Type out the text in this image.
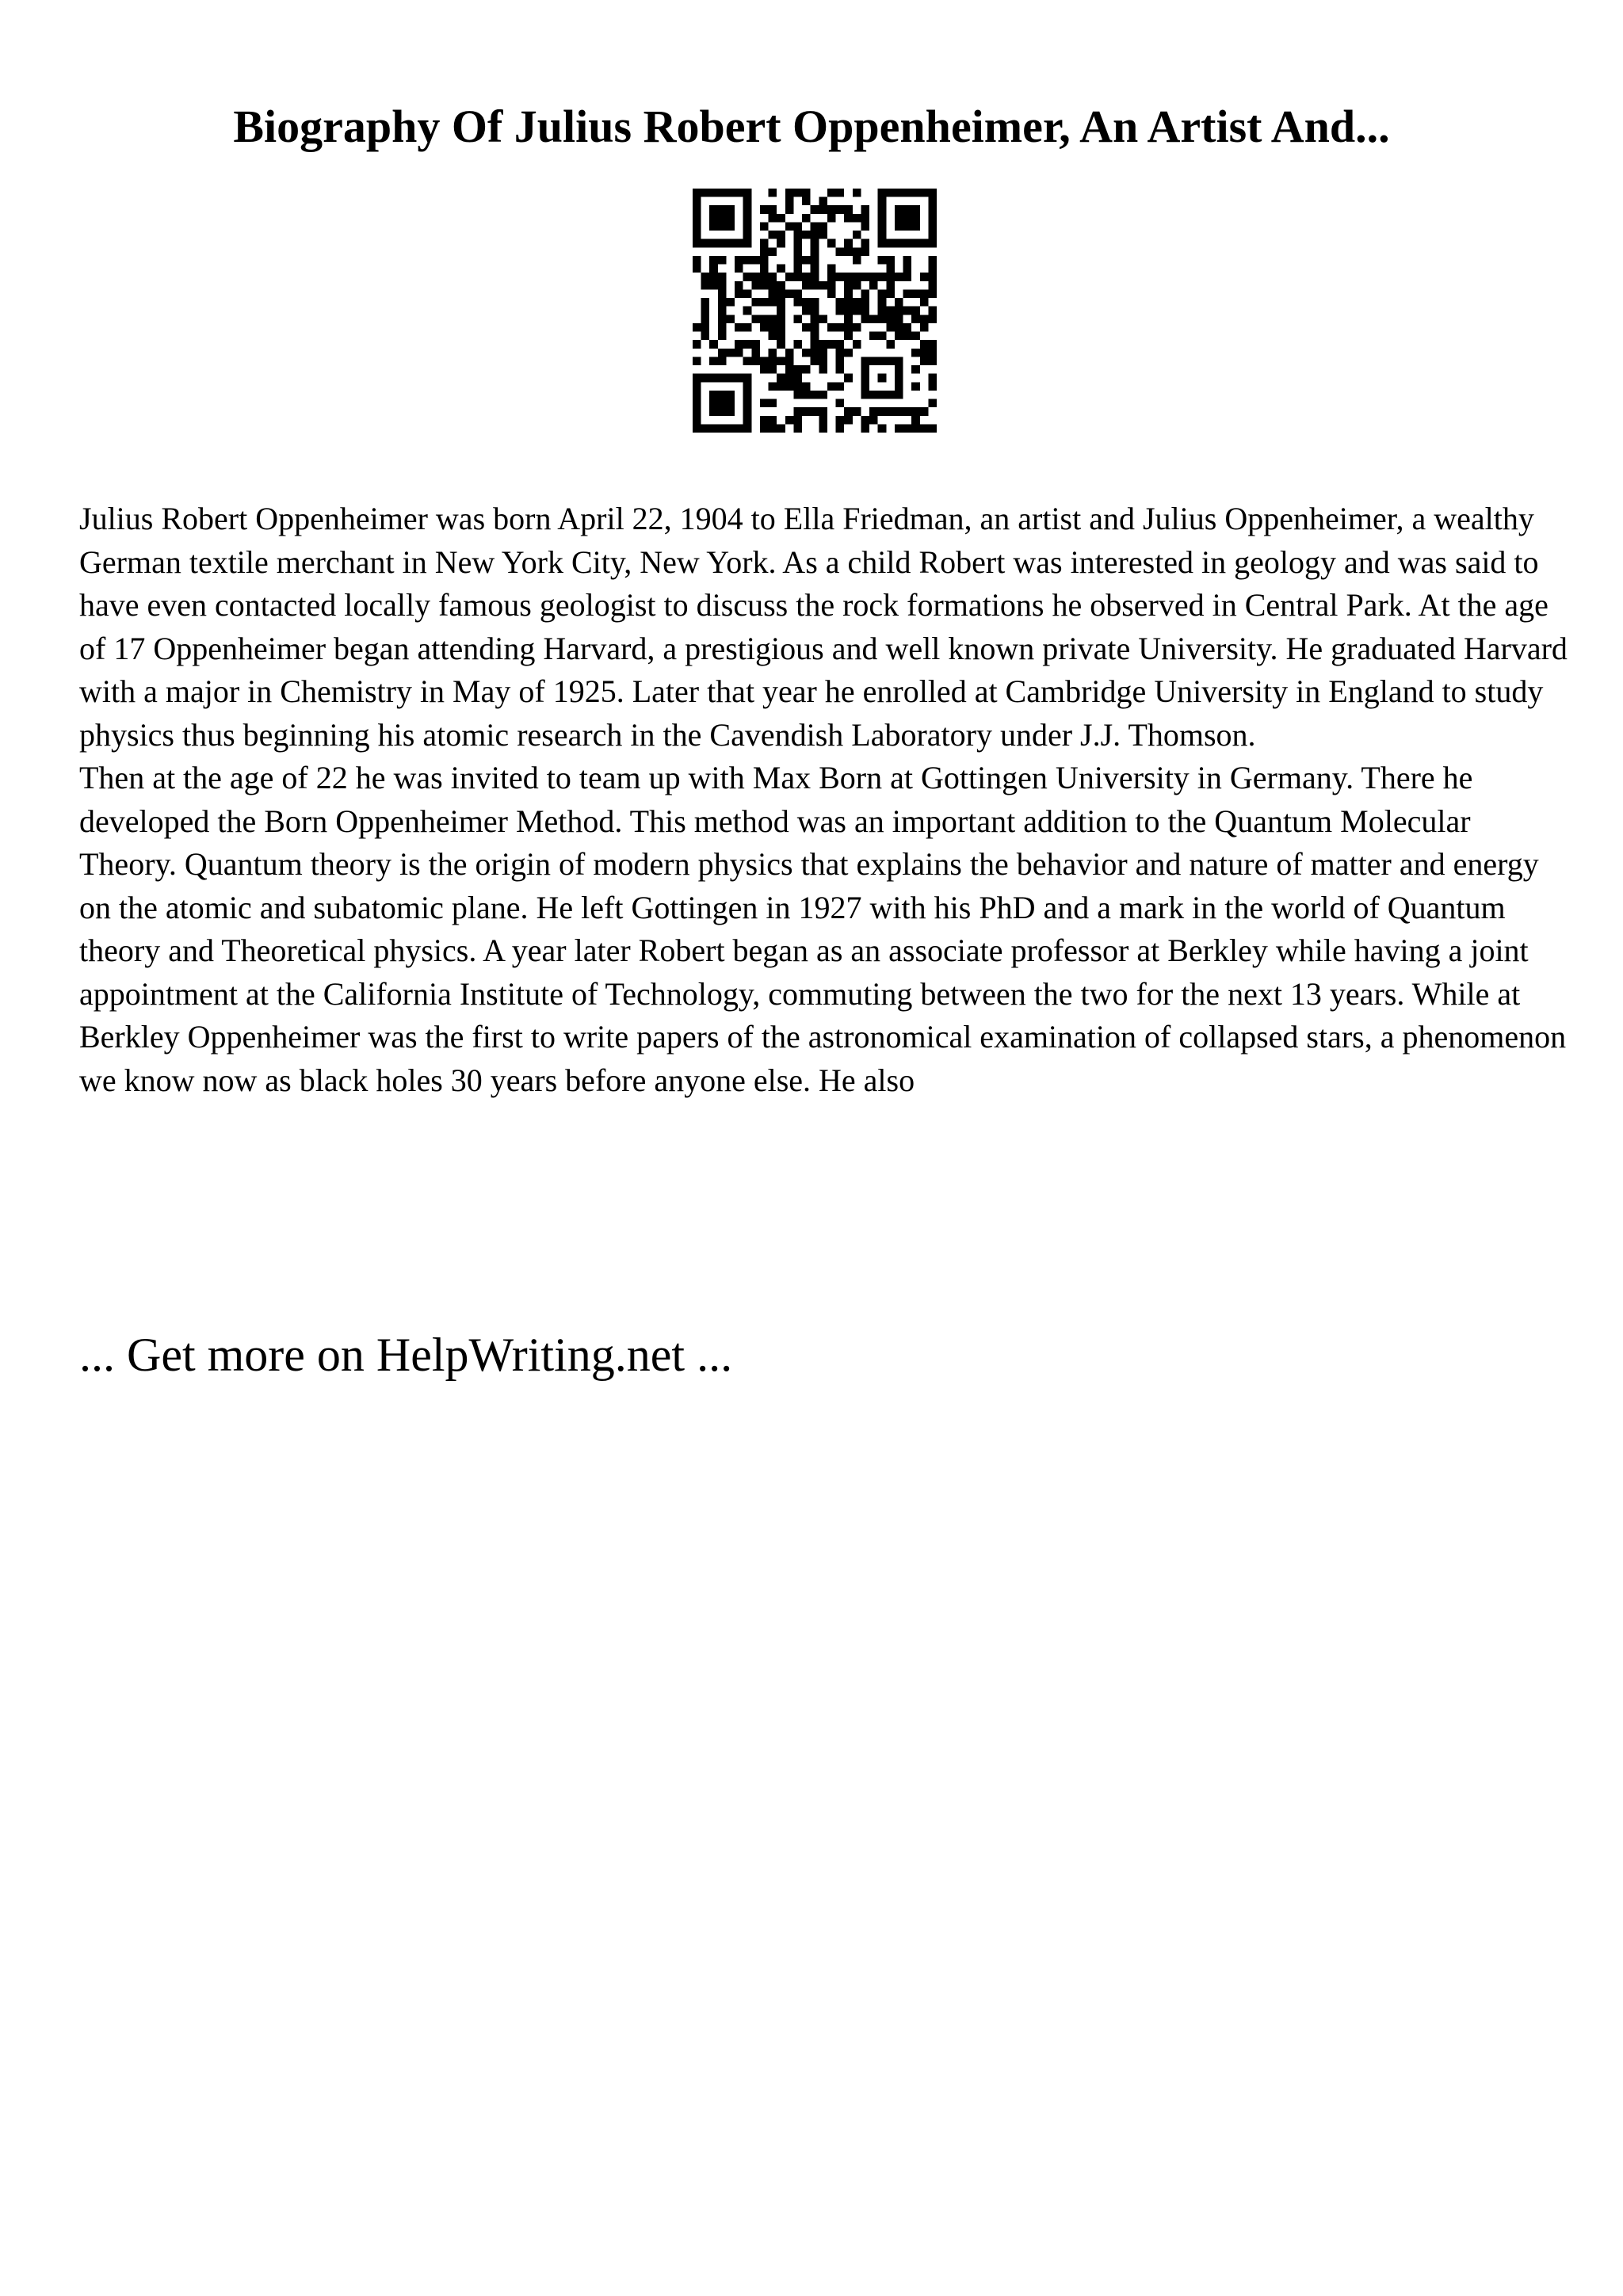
Biography Of Julius Robert Oppenheimer, An Artist And...

Julius Robert Oppenheimer was born April 22, 1904 to Ella Friedman, an artist and Julius Oppenheimer, a wealthy German textile merchant in New York City, New York. As a child Robert was interested in geology and was said to have even contacted locally famous geologist to discuss the rock formations he observed in Central Park. At the age of 17 Oppenheimer began attending Harvard, a prestigious and well known private University. He graduated Harvard with a major in Chemistry in May of 1925. Later that year he enrolled at Cambridge University in England to study physics thus beginning his atomic research in the Cavendish Laboratory under J.J. Thomson.

Then at the age of 22 he was invited to team up with Max Born at Gottingen University in Germany. There he developed the Born Oppenheimer Method. This method was an important addition to the Quantum Molecular Theory. Quantum theory is the origin of modern physics that explains the behavior and nature of matter and energy on the atomic and subatomic plane. He left Gottingen in 1927 with his PhD and a mark in the world of Quantum theory and Theoretical physics. A year later Robert began as an associate professor at Berkley while having a joint appointment at the California Institute of Technology, commuting between the two for the next 13 years. While at Berkley Oppenheimer was the first to write papers of the astronomical examination of collapsed stars, a phenomenon we know now as black holes 30 years before anyone else. He also

... Get more on HelpWriting.net ...
